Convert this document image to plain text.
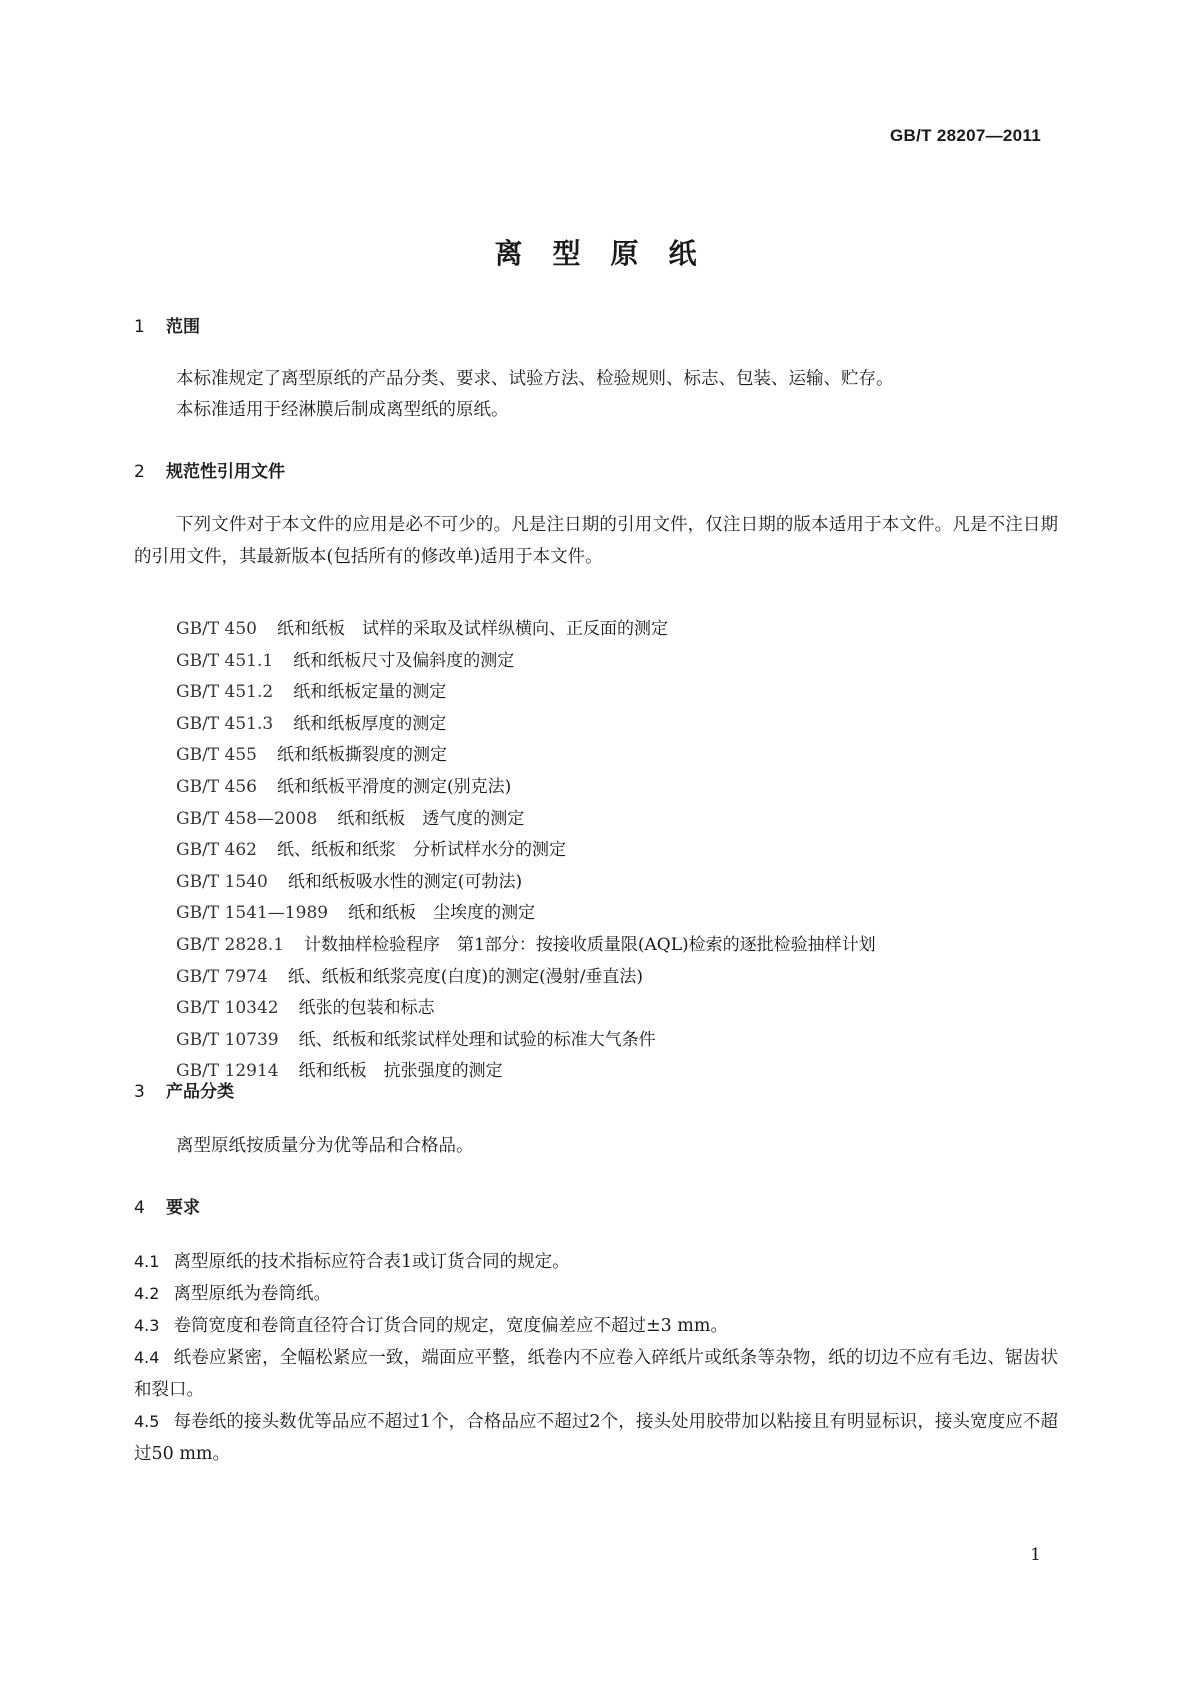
GB/T 28207—2011
离型原纸
1 范围
本标准规定了离型原纸的产品分类、要求、试验方法、检验规则、标志、包装、运输、贮存。
本标准适用于经淋膜后制成离型纸的原纸。
2 规范性引用文件
下列文件对于本文件的应用是必不可少的。凡是注日期的引用文件，仅注日期的版本适用于本文件。凡是不注日期的引用文件，其最新版本(包括所有的修改单)适用于本文件。
GB/T 450 纸和纸板　试样的采取及试样纵横向、正反面的测定
GB/T 451.1 纸和纸板尺寸及偏斜度的测定
GB/T 451.2 纸和纸板定量的测定
GB/T 451.3 纸和纸板厚度的测定
GB/T 455 纸和纸板撕裂度的测定
GB/T 456 纸和纸板平滑度的测定(别克法)
GB/T 458—2008 纸和纸板　透气度的测定
GB/T 462 纸、纸板和纸浆　分析试样水分的测定
GB/T 1540 纸和纸板吸水性的测定(可勃法)
GB/T 1541—1989 纸和纸板　尘埃度的测定
GB/T 2828.1 计数抽样检验程序　第1部分：按接收质量限(AQL)检索的逐批检验抽样计划
GB/T 7974 纸、纸板和纸浆亮度(白度)的测定(漫射/垂直法)
GB/T 10342 纸张的包装和标志
GB/T 10739 纸、纸板和纸浆试样处理和试验的标准大气条件
GB/T 12914 纸和纸板　抗张强度的测定
3 产品分类
离型原纸按质量分为优等品和合格品。
4 要求
4.1 离型原纸的技术指标应符合表1或订货合同的规定。
4.2 离型原纸为卷筒纸。
4.3 卷筒宽度和卷筒直径符合订货合同的规定，宽度偏差应不超过±3 mm。
4.4 纸卷应紧密，全幅松紧应一致，端面应平整，纸卷内不应卷入碎纸片或纸条等杂物，纸的切边不应有毛边、锯齿状和裂口。
4.5 每卷纸的接头数优等品应不超过1个，合格品应不超过2个，接头处用胶带加以粘接且有明显标识，接头宽度应不超过50 mm。
1
